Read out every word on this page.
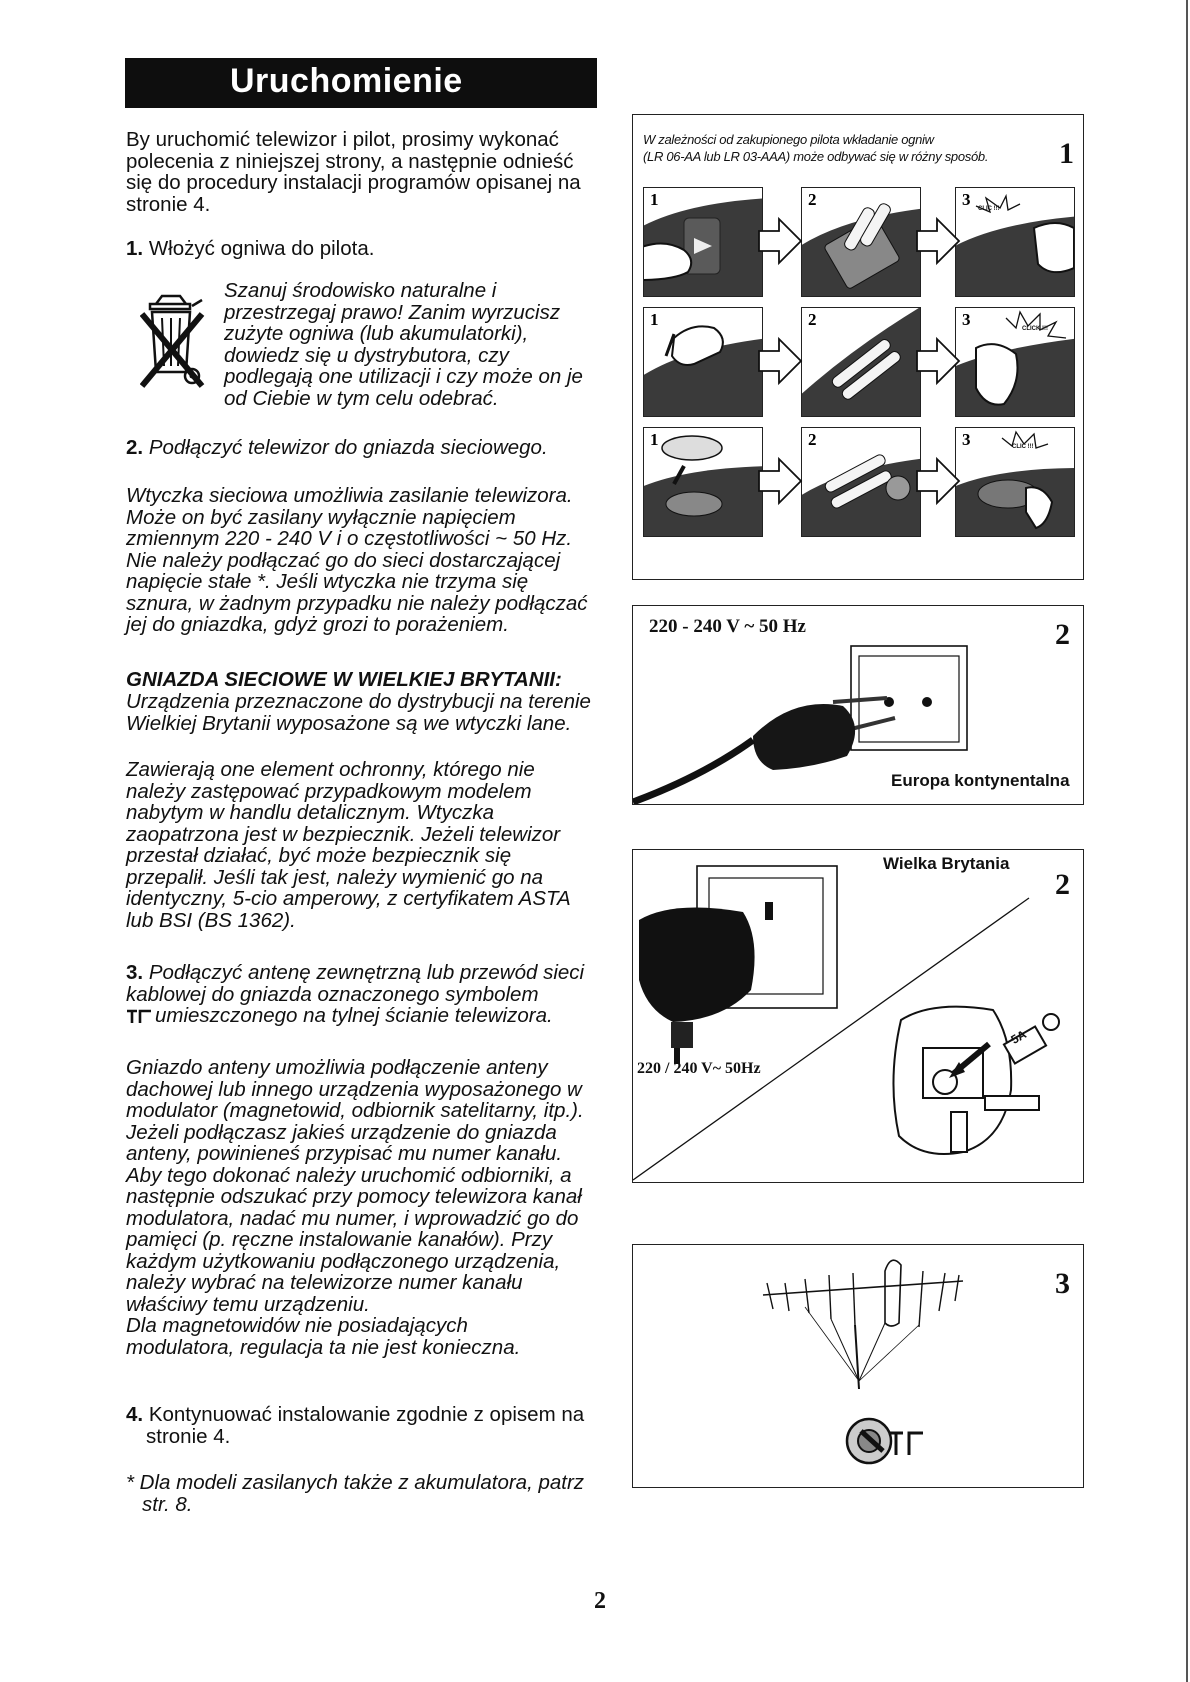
Uruchomienie
By uruchomić telewizor i pilot, prosimy wykonać
polecenia z niniejszej strony, a następnie odnieść
się do procedury instalacji programów opisanej na
stronie 4.
1. Włożyć ogniwa do pilota.
Szanuj środowisko naturalne i
przestrzegaj prawo! Zanim wyrzucisz
zużyte ogniwa (lub akumulatorki),
dowiedz się u dystrybutora, czy
podlegają one utilizacji i czy może on je
od Ciebie w tym celu odebrać.
2. Podłączyć telewizor do gniazda sieciowego.
Wtyczka sieciowa umożliwia zasilanie telewizora.
Może on być zasilany wyłącznie napięciem
zmiennym 220 - 240 V i o częstotliwości ~ 50 Hz.
Nie należy podłączać go do sieci dostarczającej
napięcie stałe *. Jeśli wtyczka nie trzyma się
sznura, w żadnym przypadku nie należy podłączać
jej do gniazdka, gdyż grozi to porażeniem.
GNIAZDA SIECIOWE W WIELKIEJ BRYTANII:
Urządzenia przeznaczone do dystrybucji na terenie
Wielkiej Brytanii wyposażone są we wtyczki lane.
Zawierają one element ochronny, którego nie
należy zastępować przypadkowym modelem
nabytym w handlu detalicznym. Wtyczka
zaopatrzona jest w bezpiecznik. Jeżeli telewizor
przestał działać, być może bezpiecznik się
przepalił. Jeśli tak jest, należy wymienić go na
identyczny, 5-cio amperowy, z certyfikatem ASTA
lub BSI (BS 1362).
3. Podłączyć antenę zewnętrzną lub przewód sieci
kablowej do gniazda oznaczonego symbolem
umieszczonego na tylnej ścianie telewizora.
Gniazdo anteny umożliwia podłączenie anteny
dachowej lub innego urządzenia wyposażonego w
modulator (magnetowid, odbiornik satelitarny, itp.).
Jeżeli podłączasz jakieś urządzenie do gniazda
anteny, powinieneś przypisać mu numer kanału.
Aby tego dokonać należy uruchomić odbiorniki, a
następnie odszukać przy pomocy telewizora kanał
modulatora, nadać mu numer, i wprowadzić go do
pamięci (p. ręczne instalowanie kanałów). Przy
każdym użytkowaniu podłączonego urządzenia,
należy wybrać na telewizorze numer kanału
właściwy temu urządzeniu.
Dla magnetowidów nie posiadających
modulatora, regulacja ta nie jest konieczna.
4. Kontynuować instalowanie zgodnie z opisem na
stronie 4.
* Dla modeli zasilanych także z akumulatora, patrz
str. 8.
W zależności od zakupionego pilota wkładanie ogniw
(LR 06-AA lub LR 03-AAA) może odbywać się w różny sposób. 1
1	2	3 CLIC !!!
1	2	3	CLICK !!!
1	2	3	CLIC !!!
220 - 240 V ~ 50 Hz	2
Europa kontynentalna
Wielka Brytania
2
5A
220 / 240 V~ 50Hz
3
2
